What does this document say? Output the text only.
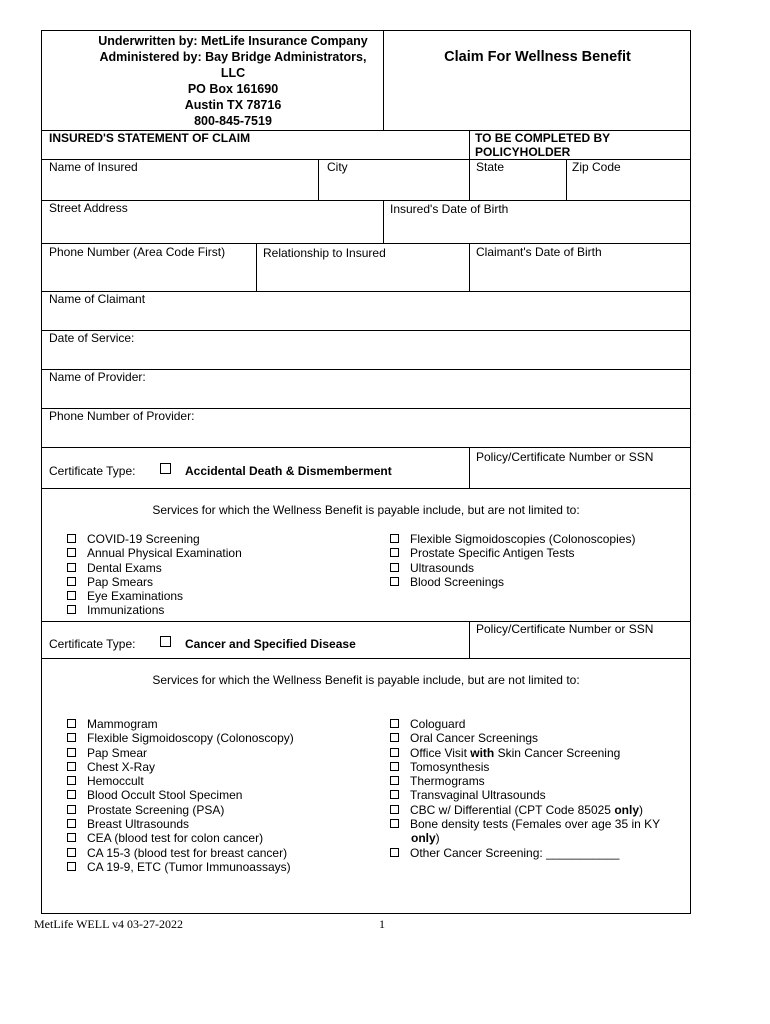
Underwritten by: MetLife Insurance Company
Administered by: Bay Bridge Administrators,
LLC
PO Box 161690
Austin TX 78716
800-845-7519
Claim For Wellness Benefit
INSURED'S STATEMENT OF CLAIM	TO BE COMPLETED BY
POLICYHOLDER
Name of Insured	City	State	Zip Code
Street Address	Insured's Date of Birth
Phone Number (Area Code First)	Relationship to Insured	Claimant's Date of Birth
Name of Claimant
Date of Service:
Name of Provider:
Phone Number of Provider:
Certificate Type:	Accidental Death & Dismemberment
Policy/Certificate Number or SSN
Services for which the Wellness Benefit is payable include, but are not limited to:
COVID-19 Screening
Annual Physical Examination
Dental Exams
Pap Smears
Eye Examinations
Immunizations
Flexible Sigmoidoscopies (Colonoscopies)
Prostate Specific Antigen Tests
Ultrasounds
Blood Screenings
Certificate Type:	Cancer and Specified Disease
Policy/Certificate Number or SSN
Services for which the Wellness Benefit is payable include, but are not limited to:
Mammogram
Flexible Sigmoidoscopy (Colonoscopy)
Pap Smear
Chest X-Ray
Hemoccult
Blood Occult Stool Specimen
Prostate Screening (PSA)
Breast Ultrasounds
CEA (blood test for colon cancer)
CA 15-3 (blood test for breast cancer)
CA 19-9, ETC (Tumor Immunoassays)
Cologuard
Oral Cancer Screenings
Office Visit with Skin Cancer Screening
Tomosynthesis
Thermograms
Transvaginal Ultrasounds
CBC w/ Differential (CPT Code 85025 only)
Bone density tests (Females over age 35 in KY
only)
Other Cancer Screening: ___________
MetLife WELL v4 03-27-2022	1
